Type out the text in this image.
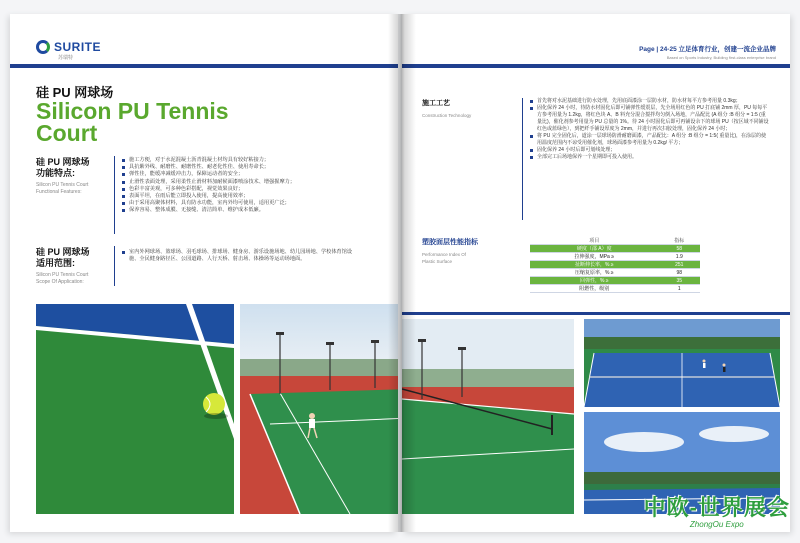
SURITE
苏瑞特
硅 PU 网球场
Silicon PU Tennis Court
硅 PU 网球场
功能特点:
Silicon PU Tennis Court
Functional Features:
施工方便，对于水泥混凝土沥青混凝土材均具有较好粘接力；
具抗紫外线、耐磨性、耐磨性性、耐老化性佳、使用寿命长；
弹性佳，能缓冲减缓冲击力，保障运动者的安全；
止滑性表面处理，采用柔性止滑材料加耐候面漆喷涂技术、增强握摩力；
色彩丰富美观，可多种色彩搭配，视觉效果良好；
表面平坦，在雨后能立即投入使用，提高使用效率；
由于采用高聚体材料，具有防水功能，室内外均可使用，适用更广泛；
保养容易、整体成膜、无接缝、清洁简单、维护成本低廉。
硅 PU 网球场
适用范围:
Silicon PU Tennis Court
Scope Of Application:
室内外网球场、篮球场、羽毛球场、排球场、健身房、游乐设施场地、幼儿园场地、学校体育馆设施、全民健身路径区、公园道路、人行天桥、射击场、体操场等运动场地面。
Page | 24-25 立足体育行业，创建一流企业品牌
Based on Sports Industry, Building first-class enterprise brand
施工工艺
Construction Technology
首先将对水泥基础进行防水处理，先用底面漆涂一层防水材，防水材每平方参考用量 0.3kg；
固化保养 24 小时，待防水材固化后即可铺弹性缓震层，先全场用红色的 PU 打底铺 2mm 厚，PU 每每平方参考用量为 1.2kg，将红色块 A、B 料充分混合搅拌均匀倒入场地，产品配比 (A 组分 :B 组分 = 1:5 (重量比)，催化剂参考用量为 PU 总量的 1%。待 24 小时固化后即可再铺设余下的球场 PU（按区域不同铺设红色或蓝绿色），到把纤手铺设厚度为 2mm，并进行再次扫胶处理，固化保养 24 小时；
将 PU 完全固化后，道涂一层球场防滑耐磨面漆，产品配比：A 组分 :B 组分 = 1:5( 重量比)，在涂层的使用温度范围内不谅受用催化剂，球场面漆参考用量为 0.2kg/ 平方；
固化保养 24 小时后即可划线处理；
全部完工后场地保养一个星期即可投入使用。
塑胶面层性能指标
Performance Index Of
Plastic Surface
项目	指标
硬度（邵 A）度	58
拉伸强度，MPa ≥	1.9
扯断伸长率，% ≥	251
压缩复原率，% ≥	98
回弹性，% ≥	35
阻燃性，级别	1
中欧-世界展会
ZhongOu Expo
